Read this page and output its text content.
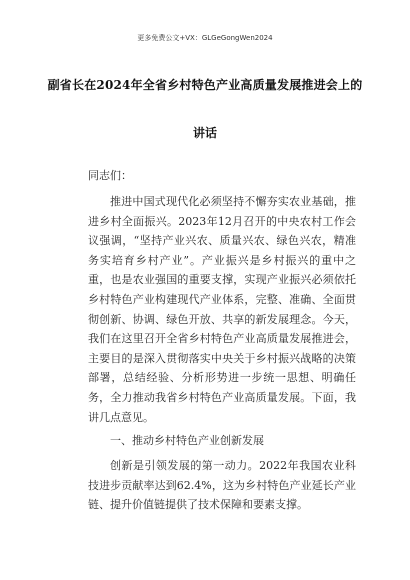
更多免费公文+VX：GLGeGongWen2024
副省长在2024年全省乡村特色产业高质量发展推进会上的
讲话
同志们：
推进中国式现代化必须坚持不懈夯实农业基础，推进乡村全面振兴。2023年12月召开的中央农村工作会议强调，“坚持产业兴农、质量兴农、绿色兴农，精准务实培育乡村产业”。产业振兴是乡村振兴的重中之重，也是农业强国的重要支撑，实现产业振兴必须依托乡村特色产业构建现代产业体系，完整、准确、全面贯彻创新、协调、绿色开放、共享的新发展理念。今天，我们在这里召开全省乡村特色产业高质量发展推进会，主要目的是深入贯彻落实中央关于乡村振兴战略的决策部署，总结经验、分析形势进一步统一思想、明确任务，全力推动我省乡村特色产业高质量发展。下面，我讲几点意见。
一、推动乡村特色产业创新发展
创新是引领发展的第一动力。2022年我国农业科技进步贡献率达到62.4%，这为乡村特色产业延长产业链、提升价值链提供了技术保障和要素支撑。
